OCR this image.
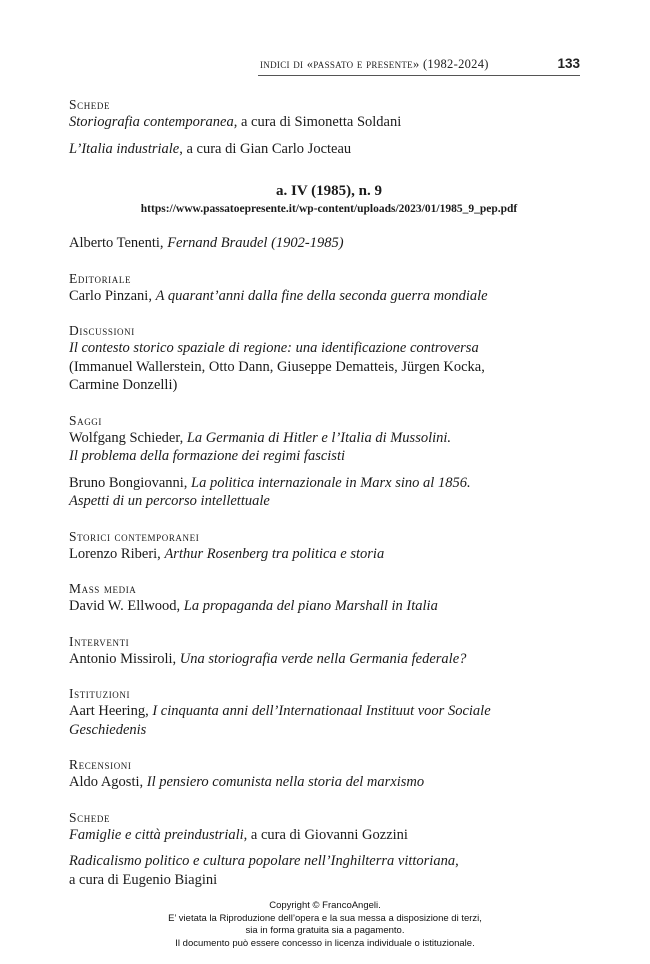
indici di «passato e presente» (1982-2024)	133
Schede
Storiografia contemporanea, a cura di Simonetta Soldani
L’Italia industriale, a cura di Gian Carlo Jocteau
a. IV (1985), n. 9
https://www.passatoepresente.it/wp-content/uploads/2023/01/1985_9_pep.pdf
Alberto Tenenti, Fernand Braudel (1902-1985)
Editoriale
Carlo Pinzani, A quarant’anni dalla fine della seconda guerra mondiale
Discussioni
Il contesto storico spaziale di regione: una identificazione controversa
(Immanuel Wallerstein, Otto Dann, Giuseppe Dematteis, Jürgen Kocka,
Carmine Donzelli)
Saggi
Wolfgang Schieder, La Germania di Hitler e l’Italia di Mussolini.
Il problema della formazione dei regimi fascisti
Bruno Bongiovanni, La politica internazionale in Marx sino al 1856.
Aspetti di un percorso intellettuale
Storici contemporanei
Lorenzo Riberi, Arthur Rosenberg tra politica e storia
Mass media
David W. Ellwood, La propaganda del piano Marshall in Italia
Interventi
Antonio Missiroli, Una storiografia verde nella Germania federale?
Istituzioni
Aart Heering, I cinquanta anni dell’Internationaal Instituut voor Sociale
Geschiedenis
Recensioni
Aldo Agosti, Il pensiero comunista nella storia del marxismo
Schede
Famiglie e città preindustriali, a cura di Giovanni Gozzini
Radicalismo politico e cultura popolare nell’Inghilterra vittoriana,
a cura di Eugenio Biagini
Copyright © FrancoAngeli.
E’ vietata la Riproduzione dell’opera e la sua messa a disposizione di terzi,
sia in forma gratuita sia a pagamento.
Il documento può essere concesso in licenza individuale o istituzionale.
